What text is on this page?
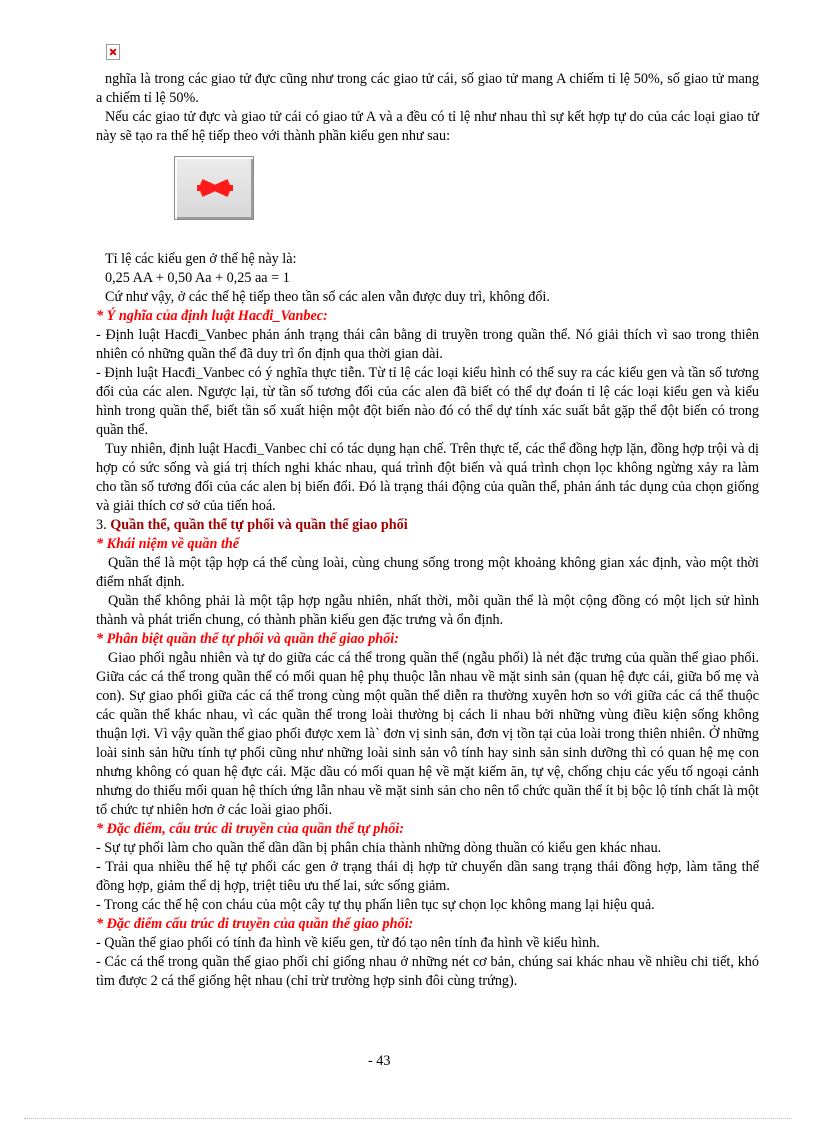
nghĩa là trong các giao tử đực cũng như trong các giao tử cái, số giao tử mang A chiếm tỉ lệ 50%, số giao tử mang a chiếm tỉ lệ 50%.

Nếu các giao tử đực và giao tử cái có giao tử A và a đều có tỉ lệ như nhau thì sự kết hợp tự do của các loại giao tử này sẽ tạo ra thế hệ tiếp theo với thành phần kiểu gen như sau:

Tỉ lệ các kiểu gen ở thế hệ này là:

0,25 AA + 0,50 Aa + 0,25 aa = 1

Cứ như vậy, ở các thế hệ tiếp theo tần số các alen vẫn được duy trì, không đổi.

* Ý nghĩa của định luật Hacđi_Vanbec:

- Định luật Hacđi_Vanbec phản ánh trạng thái cân bằng di truyền trong quần thể. Nó giải thích vì sao trong thiên nhiên có những quần thể đã duy trì ổn định qua thời gian dài.

- Định luật Hacđi_Vanbec có ý nghĩa thực tiễn. Từ tỉ lệ các loại kiểu hình có thể suy ra các kiểu gen và tần số tương đối của các alen. Ngược lại, từ tần số tương đối của các alen đã biết có thể dự đoán tỉ lệ các loại kiểu gen và kiểu hình trong quần thể, biết tần số xuất hiện một đột biến nào đó có thể dự tính xác suất bắt gặp thể đột biến có trong quần thể.

Tuy nhiên, định luật Hacđi_Vanbec chỉ có tác dụng hạn chế. Trên thực tế, các thể đồng hợp lặn, đồng hợp trội và dị hợp có sức sống và giá trị thích nghi khác nhau, quá trình đột biến và quá trình chọn lọc không ngừng xảy ra làm cho tần số tương đối của các alen bị biến đổi. Đó là trạng thái động của quần thể, phản ánh tác dụng của chọn giống và giải thích cơ sở của tiến hoá.

3. Quần thể, quần thể tự phối và quần thể giao phối

* Khái niệm về quần thể

Quần thể là một tập hợp cá thể cùng loài, cùng chung sống trong một khoảng không gian xác định, vào một thời điểm nhất định.

Quần thể không phải là một tập hợp ngẫu nhiên, nhất thời, mỗi quần thể là một cộng đồng có một lịch sử hình thành và phát triển chung, có thành phần kiểu gen đặc trưng và ổn định.

* Phân biệt quần thể tự phối và quần thể giao phối:

Giao phối ngẫu nhiên và tự do giữa các cá thể trong quần thể (ngẫu phối) là nét đặc trưng của quần thể giao phối. Giữa các cá thể trong quần thể có mối quan hệ phụ thuộc lẫn nhau về mặt sinh sản (quan hệ đực cái, giữa bố mẹ và con). Sự giao phối giữa các cá thể trong cùng một quần thể diễn ra thường xuyên hơn so với giữa các cá thể thuộc các quần thể khác nhau, vì các quần thể trong loài thường bị cách li nhau bởi những vùng điều kiện sống không thuận lợi. Vì vậy quần thể giao phối được xem là` đơn vị sinh sản, đơn vị tồn tại của loài trong thiên nhiên. Ở những loài sinh sản hữu tính tự phối cũng như những loài sinh sản vô tính hay sinh sản sinh dưỡng thì có quan hệ mẹ con nhưng không có quan hệ đực cái. Mặc dầu có mối quan hệ về mặt kiếm ăn, tự vệ, chống chịu các yếu tố ngoại cảnh nhưng do thiếu mối quan hệ thích ứng lẫn nhau về mặt sinh sản cho nên tổ chức quần thể ít bị bộc lộ tính chất là một tổ chức tự nhiên hơn ở các loài giao phối.

* Đặc điểm, cấu trúc di truyền của quần thể tự phối:

- Sự tự phối làm cho quần thể dần dần bị phân chia thành những dòng thuần có kiểu gen khác nhau.

- Trải qua nhiều thế hệ tự phối các gen ở trạng thái dị hợp tử chuyển dần sang trạng thái đồng hợp, làm tăng thể đồng hợp, giảm thể dị hợp, triệt tiêu ưu thế lai, sức sống giảm.

- Trong các thế hệ con cháu của một cây tự thụ phấn liên tục sự chọn lọc không mang lại hiệu quả.

* Đặc điểm cấu trúc di truyền của quần thể giao phối:

- Quần thể giao phối có tính đa hình về kiểu gen, từ đó tạo nên tính đa hình về kiểu hình.

- Các cá thể trong quần thể giao phối chỉ giống nhau ở những nét cơ bản, chúng sai khác nhau về nhiều chi tiết, khó tìm được 2 cá thể giống hệt nhau (chỉ trừ trường hợp sinh đôi cùng trứng).

- 43
